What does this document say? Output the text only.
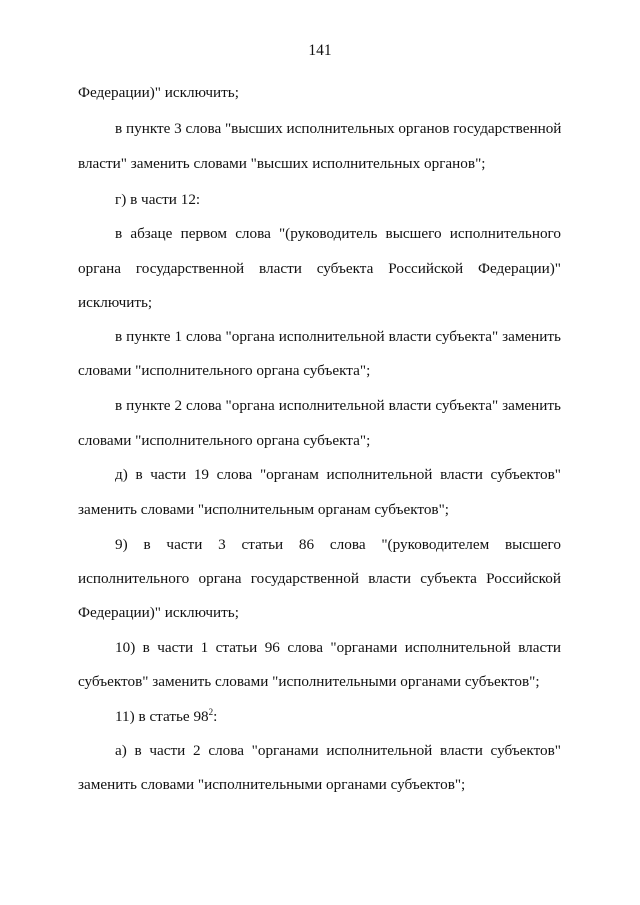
141
Федерации)" исключить;
в пункте 3 слова "высших исполнительных органов государственной
власти" заменить словами "высших исполнительных органов";
г) в части 12:
в абзаце первом слова "(руководитель высшего исполнительного
органа государственной власти субъекта Российской Федерации)"
исключить;
в пункте 1 слова "органа исполнительной власти субъекта" заменить
словами "исполнительного органа субъекта";
в пункте 2 слова "органа исполнительной власти субъекта" заменить
словами "исполнительного органа субъекта";
д) в части 19 слова "органам исполнительной власти субъектов"
заменить словами "исполнительным органам субъектов";
9) в части 3 статьи 86 слова "(руководителем высшего
исполнительного органа государственной власти субъекта Российской
Федерации)" исключить;
10) в части 1 статьи 96 слова "органами исполнительной власти
субъектов" заменить словами "исполнительными органами субъектов";
11) в статье $98^2$:
а) в части 2 слова "органами исполнительной власти субъектов"
заменить словами "исполнительными органами субъектов";
